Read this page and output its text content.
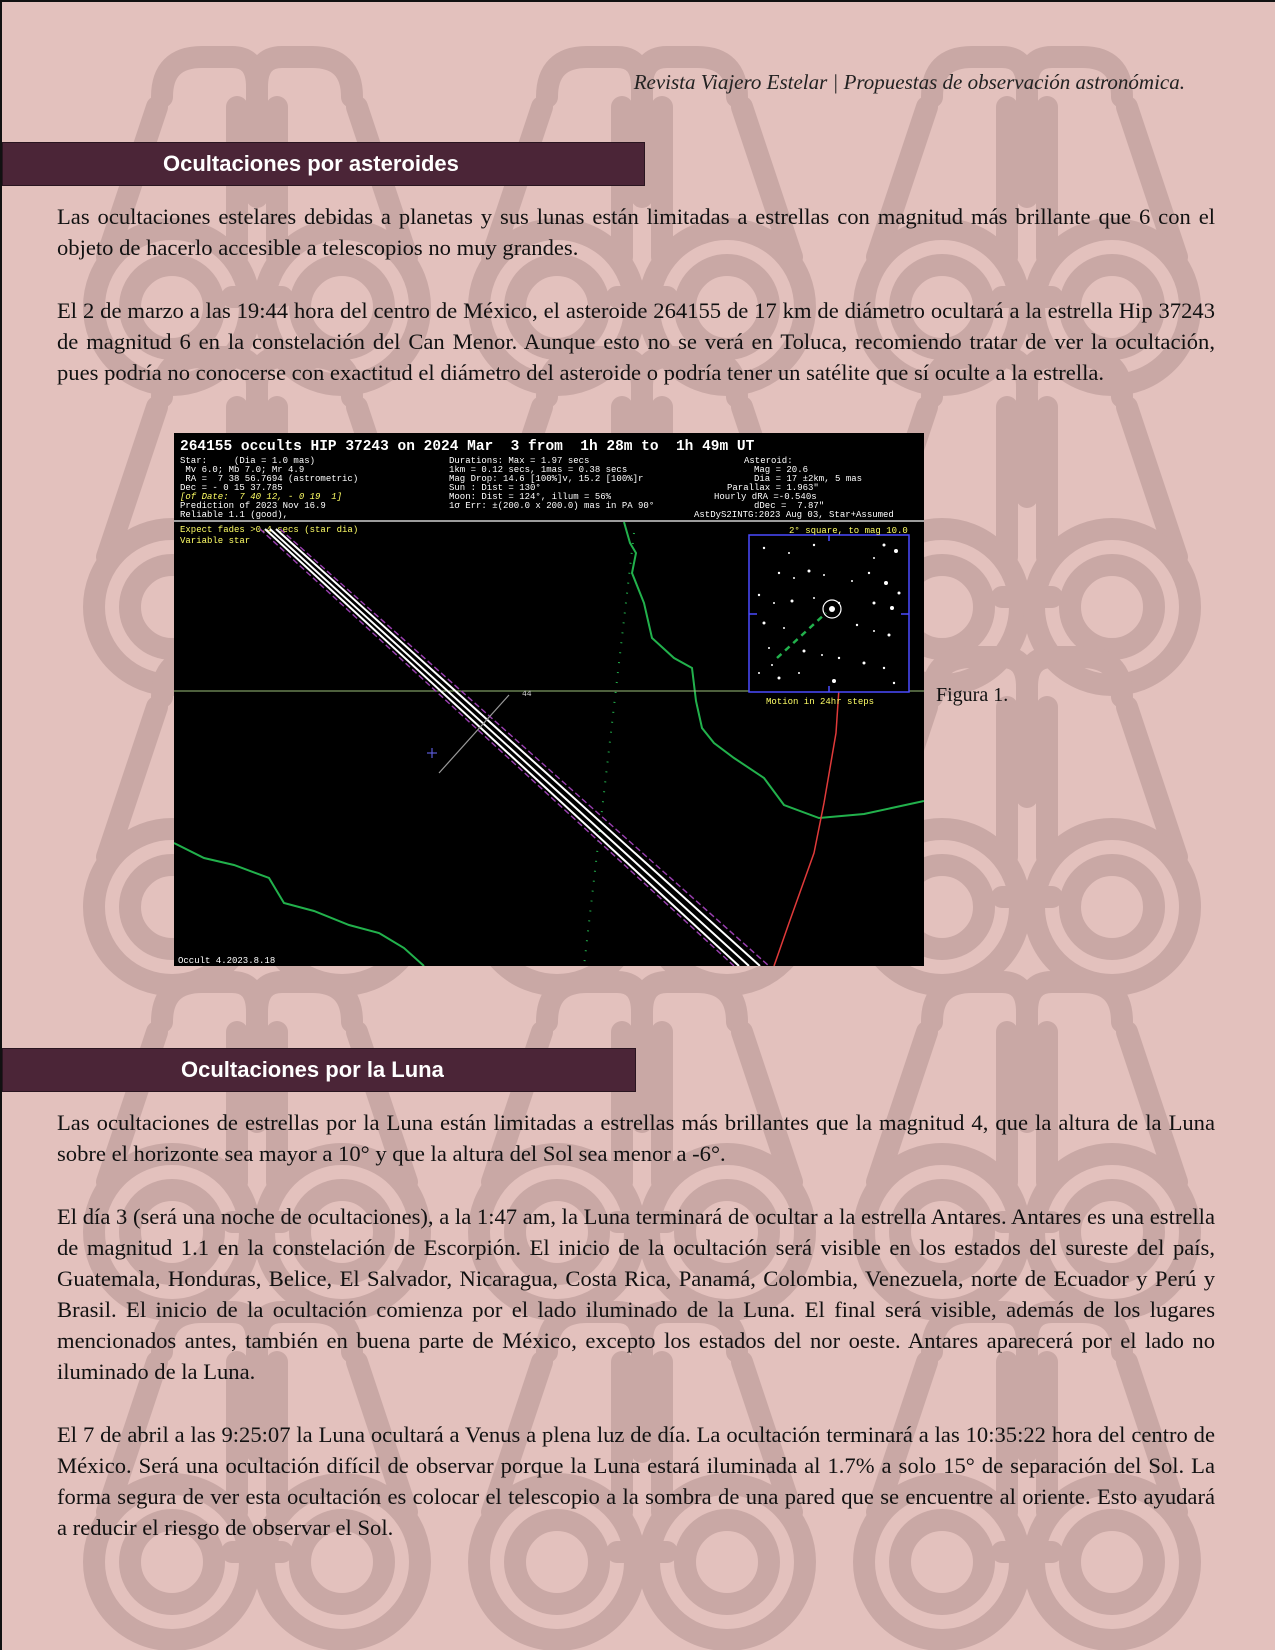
Revista Viajero Estelar | Propuestas de observación astronómica.
Ocultaciones por asteroides

Las ocultaciones estelares debidas a planetas y sus lunas están limitadas a estrellas con magnitud más brillante que 6 con el objeto de hacerlo accesible a telescopios no muy grandes.

El 2 de marzo a las 19:44 hora del centro de México, el asteroide 264155 de 17 km de diámetro ocultará a la estrella Hip 37243 de magnitud 6 en la constelación del Can Menor. Aunque esto no se verá en Toluca, recomiendo tratar de ver la ocultación, pues podría no conocerse con exactitud el diámetro del asteroide o podría tener un satélite que sí oculte a la estrella.

264155 occults HIP 37243 on 2024 Mar  3 from  1h 28m to  1h 49m UT
Star:     (Dia = 1.0 mas)
Mv 6.0; Mb 7.0; Mr 4.9
RA =  7 38 56.7694 (astrometric)
Dec = - 0 15 37.785
[of Date:  7 40 12, - 0 19  1]
Prediction of 2023 Nov 16.9
Reliable 1.1 (good),
Durations: Max = 1.97 secs
1km = 0.12 secs, 1mas = 0.38 secs
Mag Drop: 14.6 [100%]v, 15.2 [100%]r
Sun : Dist = 130°
Moon: Dist = 124°, illum = 56%
1σ Err: ±(200.0 x 200.0) mas in PA 90°
Asteroid:
Mag = 20.6
Dia = 17 ±2km, 5 mas
Parallax = 1.963"
Hourly dRA =-0.540s
dDec =  7.87"
AstDyS2INTG:2023 Aug 03, Star+Assumed
Expect fades >0.4 secs (star dia)
Variable star
44
2° square, to mag 10.0
Motion in 24hr steps
Occult 4.2023.8.18
Figura 1.
Ocultaciones por la Luna

Las ocultaciones de estrellas por la Luna están limitadas a estrellas más brillantes que la magnitud 4, que la altura de la Luna sobre el horizonte sea mayor a 10° y que la altura del Sol sea menor a -6°.

El día 3 (será una noche de ocultaciones), a la 1:47 am, la Luna terminará de ocultar a la estrella Antares. Antares es una estrella de magnitud 1.1 en la constelación de Escorpión. El inicio de la ocultación será visible en los estados del sureste del país, Guatemala, Honduras, Belice, El Salvador, Nicaragua, Costa Rica, Panamá, Colombia, Venezuela, norte de Ecuador y Perú y Brasil. El inicio de la ocultación comienza por el lado iluminado de la Luna. El final será visible, además de los lugares mencionados antes, también en buena parte de México, excepto los estados del nor oeste. Antares aparecerá por el lado no iluminado de la Luna.

El 7 de abril a las 9:25:07 la Luna ocultará a Venus a plena luz de día. La ocultación terminará a las 10:35:22 hora del centro de México. Será una ocultación difícil de observar porque la Luna estará iluminada al 1.7% a solo 15° de separación del Sol. La forma segura de ver esta ocultación es colocar el telescopio a la sombra de una pared que se encuentre al oriente. Esto ayudará a reducir el riesgo de observar el Sol.
